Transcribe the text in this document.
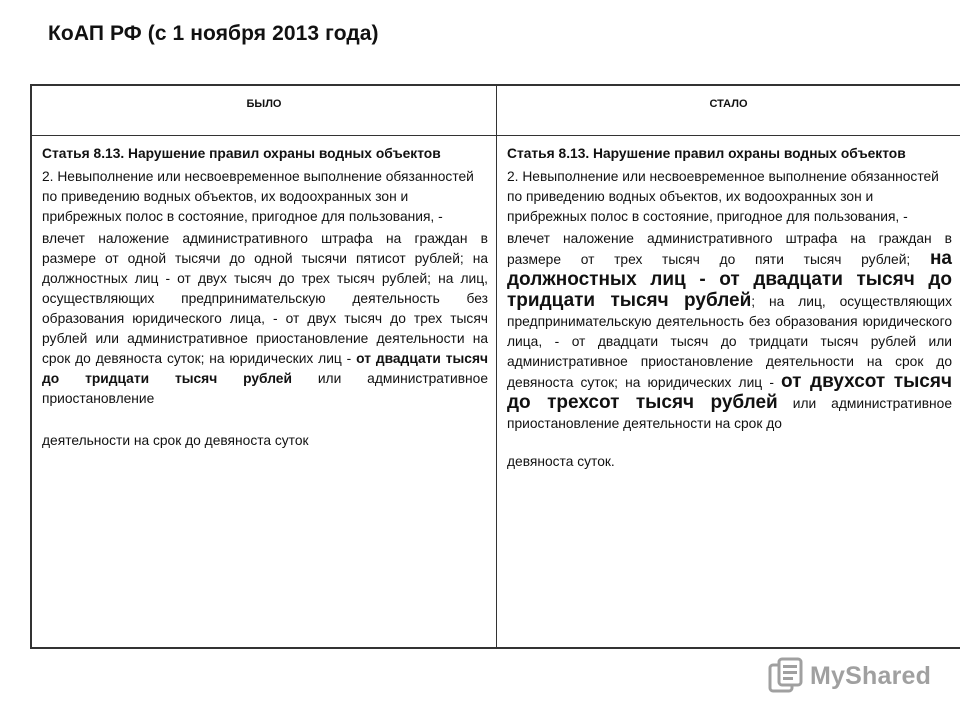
КоАП РФ (с 1 ноября 2013 года)
БЫЛО	СТАЛО
Статья 8.13. Нарушение правил охраны водных объектов
2. Невыполнение или несвоевременное выполнение обязанностей по приведению водных объектов, их водоохранных зон и прибрежных полос в состояние, пригодное для пользования, -
влечет наложение административного штрафа на граждан в размере от одной тысячи до одной тысячи пятисот рублей; на должностных лиц - от двух тысяч до трех тысяч рублей; на лиц, осуществляющих предпринимательскую деятельность без образования юридического лица, - от двух тысяч до трех тысяч рублей или административное приостановление деятельности на срок до девяноста суток; на юридических лиц - от двадцати тысяч до тридцати тысяч рублей или административное приостановление
деятельности на срок до девяноста суток
Статья 8.13. Нарушение правил охраны водных объектов
2. Невыполнение или несвоевременное выполнение обязанностей по приведению водных объектов, их водоохранных зон и прибрежных полос в состояние, пригодное для пользования, -
влечет наложение административного штрафа на граждан в размере от трех тысяч до пяти тысяч рублей; на должностных лиц - от двадцати тысяч до тридцати тысяч рублей; на лиц, осуществляющих предпринимательскую деятельность без образования юридического лица, - от двадцати тысяч до тридцати тысяч рублей или административное приостановление деятельности на срок до девяноста суток; на юридических лиц - от двухсот тысяч до трехсот тысяч рублей или административное приостановление деятельности на срок до
девяноста суток.
MyShared
